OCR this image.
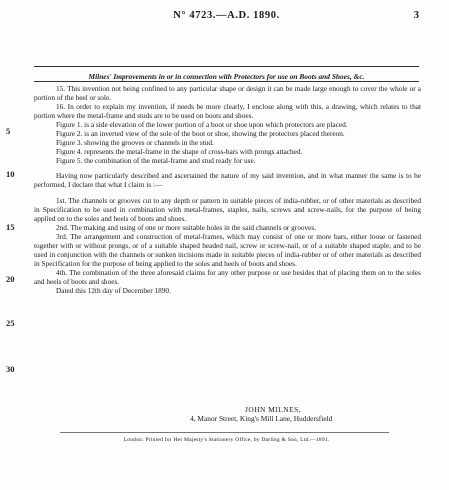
N° 4723.—A.D. 1890.	3
Milnes' Improvements in or in connection with Protectors for use on Boots and Shoes, &c.
5
10
15
20
25
30

15. This invention not being confined to any particular shape or design it can be made large enough to cover the whole or a portion of the heel or sole.

16. In order to explain my invention, if needs be more clearly, I enclose along with this, a drawing, which relates to that portion where the metal-frame and studs are to be used on boots and shoes.

Figure 1. is a side elevation of the lower portion of a boot or shoe upon which protectors are placed.

Figure 2. is an inverted view of the sole of the boot or shoe, showing the protectors placed thereon.

Figure 3. showing the grooves or channels in the stud.

Figure 4. represents the metal-frame in the shape of cross-bars with prongs attached.

Figure 5. the combination of the metal-frame and stud ready for use.

Having now particularly described and ascertained the nature of my said invention, and in what manner the same is to be performed, I declare that what I claim is :—

1st. The channels or grooves cut to any depth or pattern in suitable pieces of india-rubber, or of other materials as described in Specification to be used in combination with metal-frames, staples, nails, screws and screw-nails, for the purpose of being applied on to the soles and heels of boots and shoes.

2nd. The making and using of one or more suitable holes in the said channels or grooves.

3rd. The arrangement and construction of metal-frames, which may consist of one or more bars, either loose or fastened together with or without prongs, or of a suitable shaped headed nail, screw or screw-nail, or of a suitable shaped staple, and to be used in conjunction with the channels or sunken incisions made in suitable pieces of india-rubber or of other materials as described in Specification for the purpose of being applied to the soles and heels of boots and shoes.

4th. The combination of the three aforesaid claims for any other purpose or use besides that of placing them on to the soles and heels of boots and shoes.

Dated this 12th day of December 1890.

JOHN MILNES,
4, Manor Street, King's Mill Lane, Huddersfield
London: Printed for Her Majesty's Stationery Office, by Darling & Son, Ltd.—1891.
